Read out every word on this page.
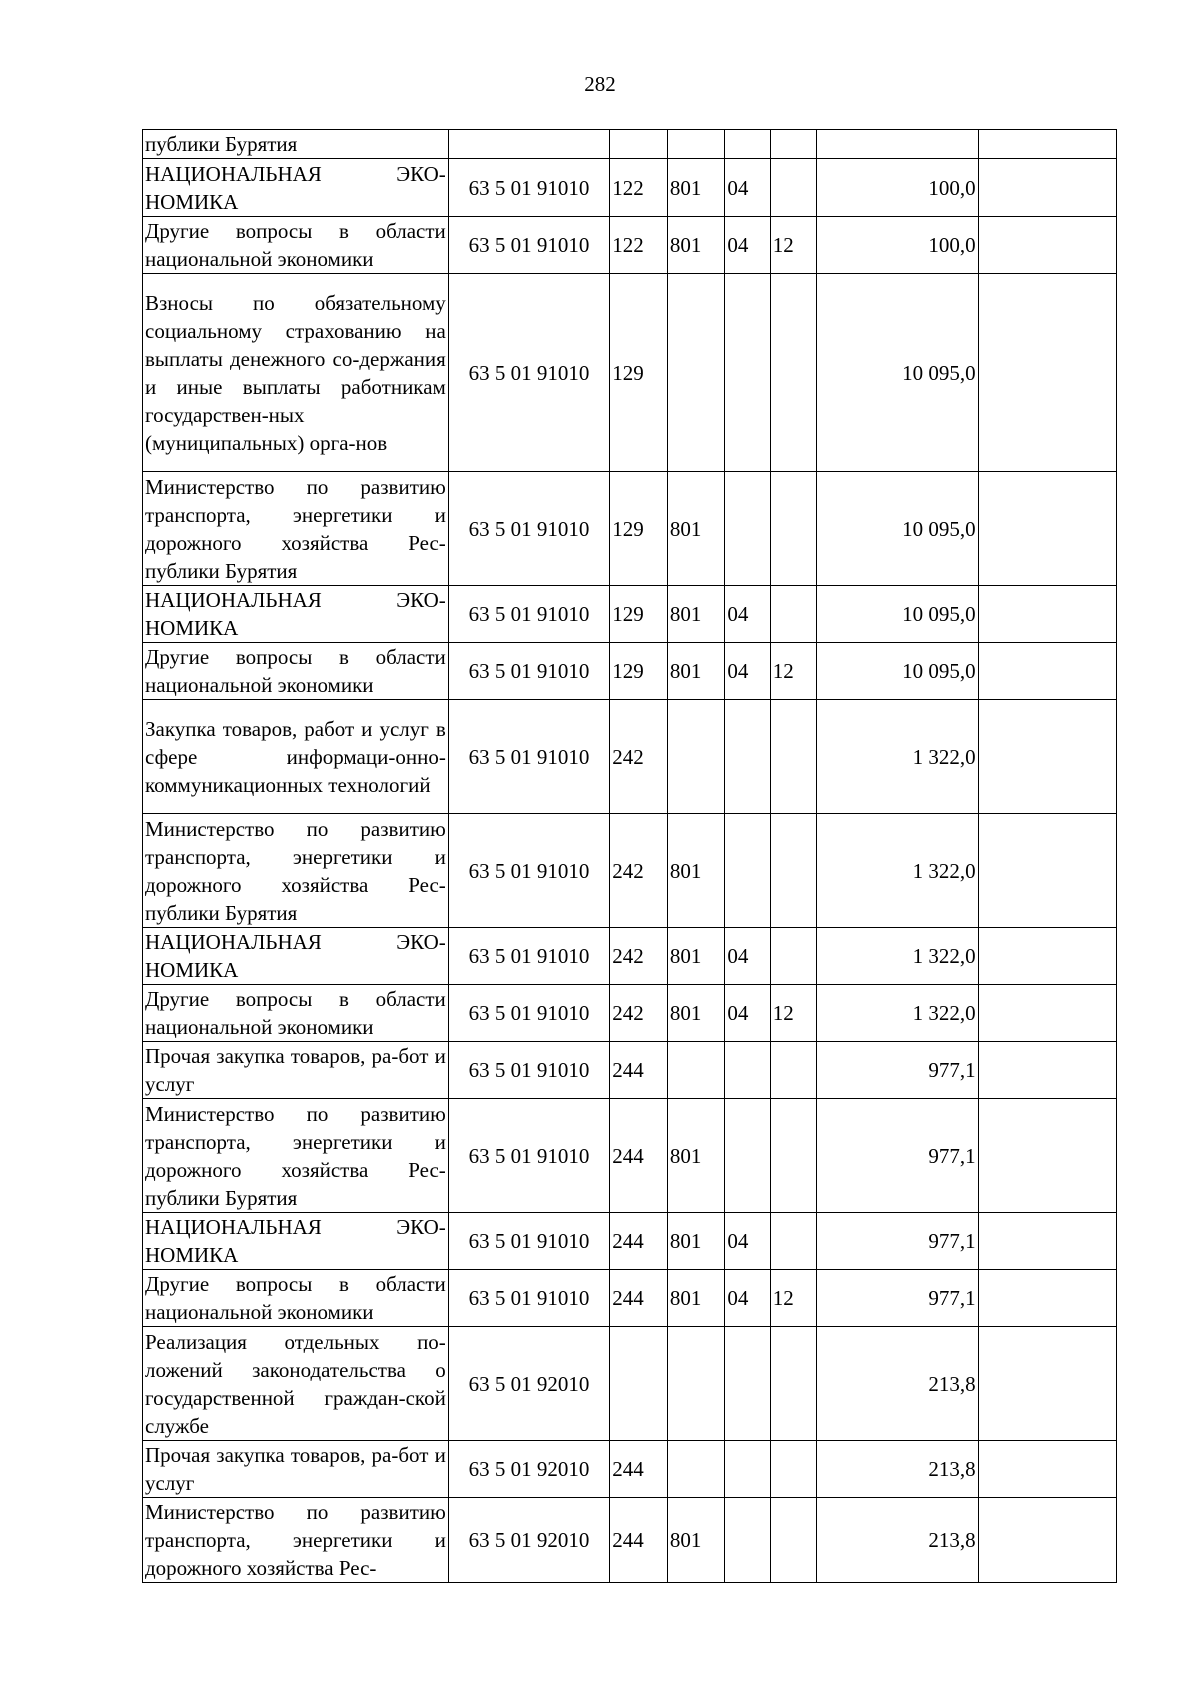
282
публики Бурятия							

НАЦИОНАЛЬНАЯ ЭКО-
НОМИКА	63 5 01 91010	122	801	04		100,0	

Другие вопросы в области национальной экономики	63 5 01 91010	122	801	04	12	100,0	

Взносы по обязательному социальному страхованию на выплаты денежного со-держания и иные выплаты работникам государствен-ных (муниципальных) орга-нов	63 5 01 91010	129				10 095,0	

Министерство по развитию транспорта, энергетики и дорожного хозяйства Рес-публики Бурятия	63 5 01 91010	129	801			10 095,0	

НАЦИОНАЛЬНАЯ ЭКО-
НОМИКА	63 5 01 91010	129	801	04		10 095,0	

Другие вопросы в области национальной экономики	63 5 01 91010	129	801	04	12	10 095,0	

Закупка товаров, работ и услуг в сфере информаци-онно-коммуникационных технологий	63 5 01 91010	242				1 322,0	

Министерство по развитию транспорта, энергетики и дорожного хозяйства Рес-публики Бурятия	63 5 01 91010	242	801			1 322,0	

НАЦИОНАЛЬНАЯ ЭКО-
НОМИКА	63 5 01 91010	242	801	04		1 322,0	

Другие вопросы в области национальной экономики	63 5 01 91010	242	801	04	12	1 322,0	

Прочая закупка товаров, ра-бот и услуг	63 5 01 91010	244				977,1	

Министерство по развитию транспорта, энергетики и дорожного хозяйства Рес-публики Бурятия	63 5 01 91010	244	801			977,1	

НАЦИОНАЛЬНАЯ ЭКО-
НОМИКА	63 5 01 91010	244	801	04		977,1	

Другие вопросы в области национальной экономики	63 5 01 91010	244	801	04	12	977,1	

Реализация отдельных по-ложений законодательства о государственной граждан-ской службе	63 5 01 92010					213,8	

Прочая закупка товаров, ра-бот и услуг	63 5 01 92010	244				213,8	

Министерство по развитию транспорта, энергетики и дорожного хозяйства Рес-	63 5 01 92010	244	801			213,8	
